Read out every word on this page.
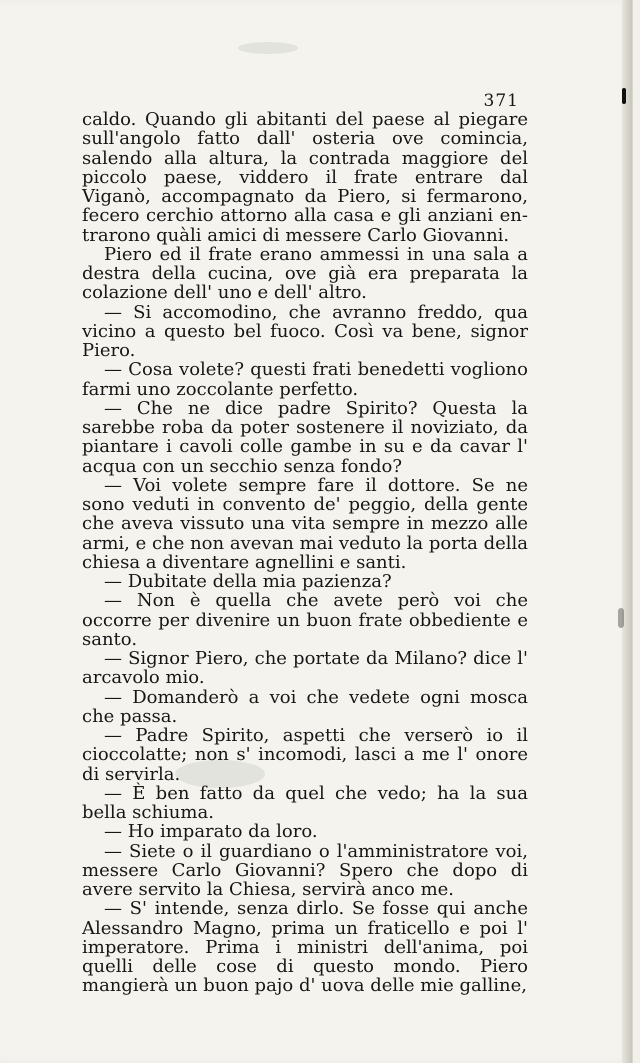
371

caldo. Quando gli abitanti del paese al piegare sull'angolo fatto dall' osteria ove comincia, salendo alla altura, la contrada maggiore del piccolo paese, viddero il frate entrare dal Viganò, accompagnato da Piero, si fermarono, fecero cerchio attorno alla casa e gli anziani entrarono quàli amici di messere Carlo Giovanni.

Piero ed il frate erano ammessi in una sala a destra della cucina, ove già era preparata la colazione dell' uno e dell' altro.

— Si accomodino, che avranno freddo, qua vicino a questo bel fuoco. Così va bene, signor Piero.

— Cosa volete? questi frati benedetti vogliono farmi uno zoccolante perfetto.

— Che ne dice padre Spirito? Questa la sarebbe roba da poter sostenere il noviziato, da piantare i cavoli colle gambe in su e da cavar l' acqua con un secchio senza fondo?

— Voi volete sempre fare il dottore. Se ne sono veduti in convento de' peggio, della gente che aveva vissuto una vita sempre in mezzo alle armi, e che non avevan mai veduto la porta della chiesa a diventare agnellini e santi.

— Dubitate della mia pazienza?

— Non è quella che avete però voi che occorre per divenire un buon frate obbediente e santo.

— Signor Piero, che portate da Milano? dice l' arcavolo mio.

— Domanderò a voi che vedete ogni mosca che passa.

— Padre Spirito, aspetti che verserò io il cioccolatte; non s' incomodi, lasci a me l' onore di servirla.

— È ben fatto da quel che vedo; ha la sua bella schiuma.

— Ho imparato da loro.

— Siete o il guardiano o l'amministratore voi, messere Carlo Giovanni? Spero che dopo di avere servito la Chiesa, servirà anco me.

— S' intende, senza dirlo. Se fosse qui anche Alessandro Magno, prima un fraticello e poi l' imperatore. Prima i ministri dell'anima, poi quelli delle cose di questo mondo. Piero mangierà un buon pajo d' uova delle mie galline,
